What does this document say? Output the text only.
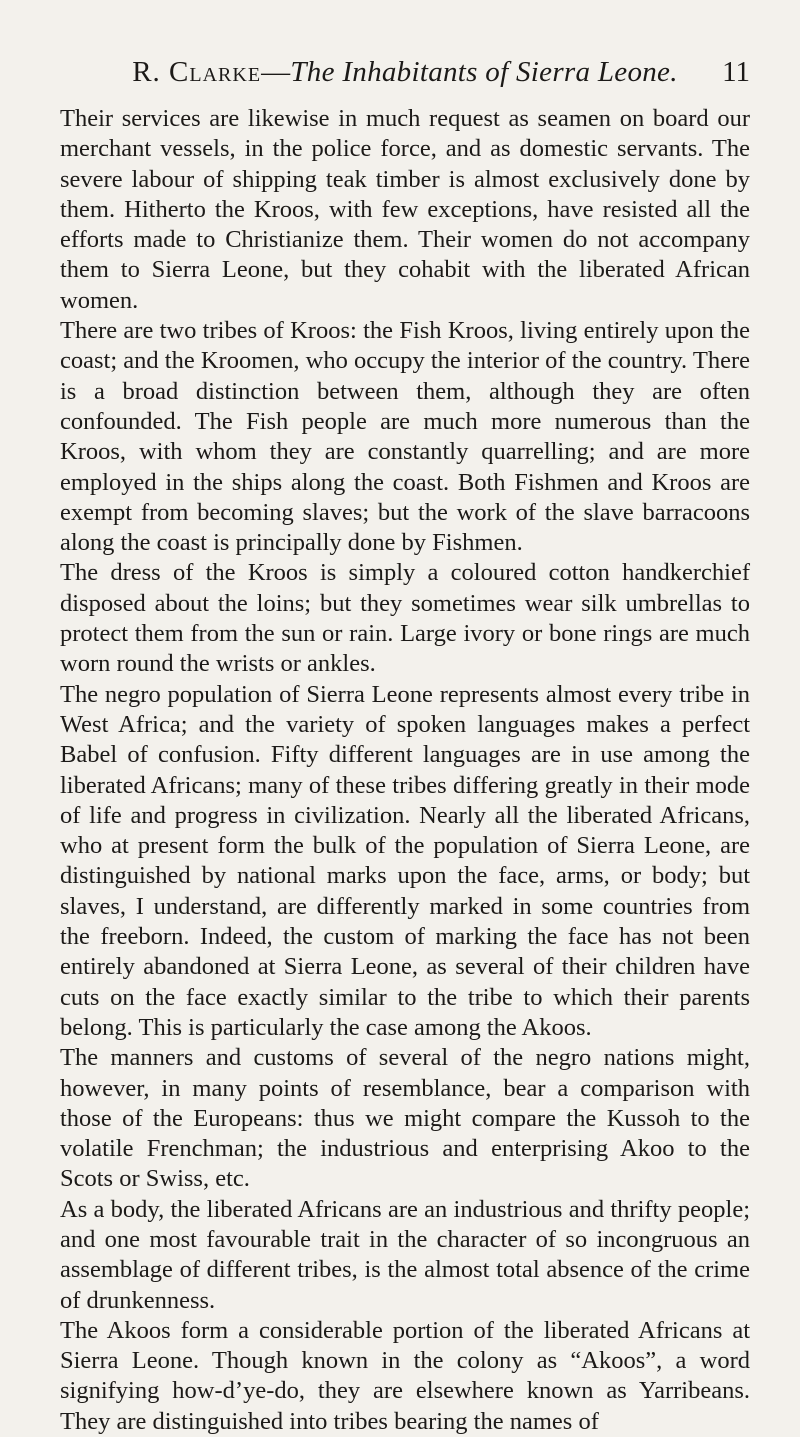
R. Clarke—The Inhabitants of Sierra Leone.	11

Their services are likewise in much request as seamen on board our merchant vessels, in the police force, and as domestic servants. The severe labour of shipping teak timber is almost exclusively done by them. Hitherto the Kroos, with few exceptions, have resisted all the efforts made to Christianize them. Their women do not accompany them to Sierra Leone, but they cohabit with the liberated African women.

There are two tribes of Kroos: the Fish Kroos, living entirely upon the coast; and the Kroomen, who occupy the interior of the country. There is a broad distinction between them, although they are often confounded. The Fish people are much more numerous than the Kroos, with whom they are constantly quarrelling; and are more employed in the ships along the coast. Both Fishmen and Kroos are exempt from becoming slaves; but the work of the slave barracoons along the coast is principally done by Fishmen.

The dress of the Kroos is simply a coloured cotton handkerchief disposed about the loins; but they sometimes wear silk umbrellas to protect them from the sun or rain. Large ivory or bone rings are much worn round the wrists or ankles.

The negro population of Sierra Leone represents almost every tribe in West Africa; and the variety of spoken languages makes a perfect Babel of confusion. Fifty different languages are in use among the liberated Africans; many of these tribes differing greatly in their mode of life and progress in civilization. Nearly all the liberated Africans, who at present form the bulk of the population of Sierra Leone, are distinguished by national marks upon the face, arms, or body; but slaves, I understand, are differently marked in some countries from the freeborn. Indeed, the custom of marking the face has not been entirely abandoned at Sierra Leone, as several of their children have cuts on the face exactly similar to the tribe to which their parents belong. This is particularly the case among the Akoos.

The manners and customs of several of the negro nations might, however, in many points of resemblance, bear a comparison with those of the Europeans: thus we might compare the Kussoh to the volatile Frenchman; the industrious and enterprising Akoo to the Scots or Swiss, etc.

As a body, the liberated Africans are an industrious and thrifty people; and one most favourable trait in the character of so incongruous an assemblage of different tribes, is the almost total absence of the crime of drunkenness.

The Akoos form a considerable portion of the liberated Africans at Sierra Leone. Though known in the colony as “Akoos”, a word signifying how-d’ye-do, they are elsewhere known as Yarribeans. They are distinguished into tribes bearing the names of
